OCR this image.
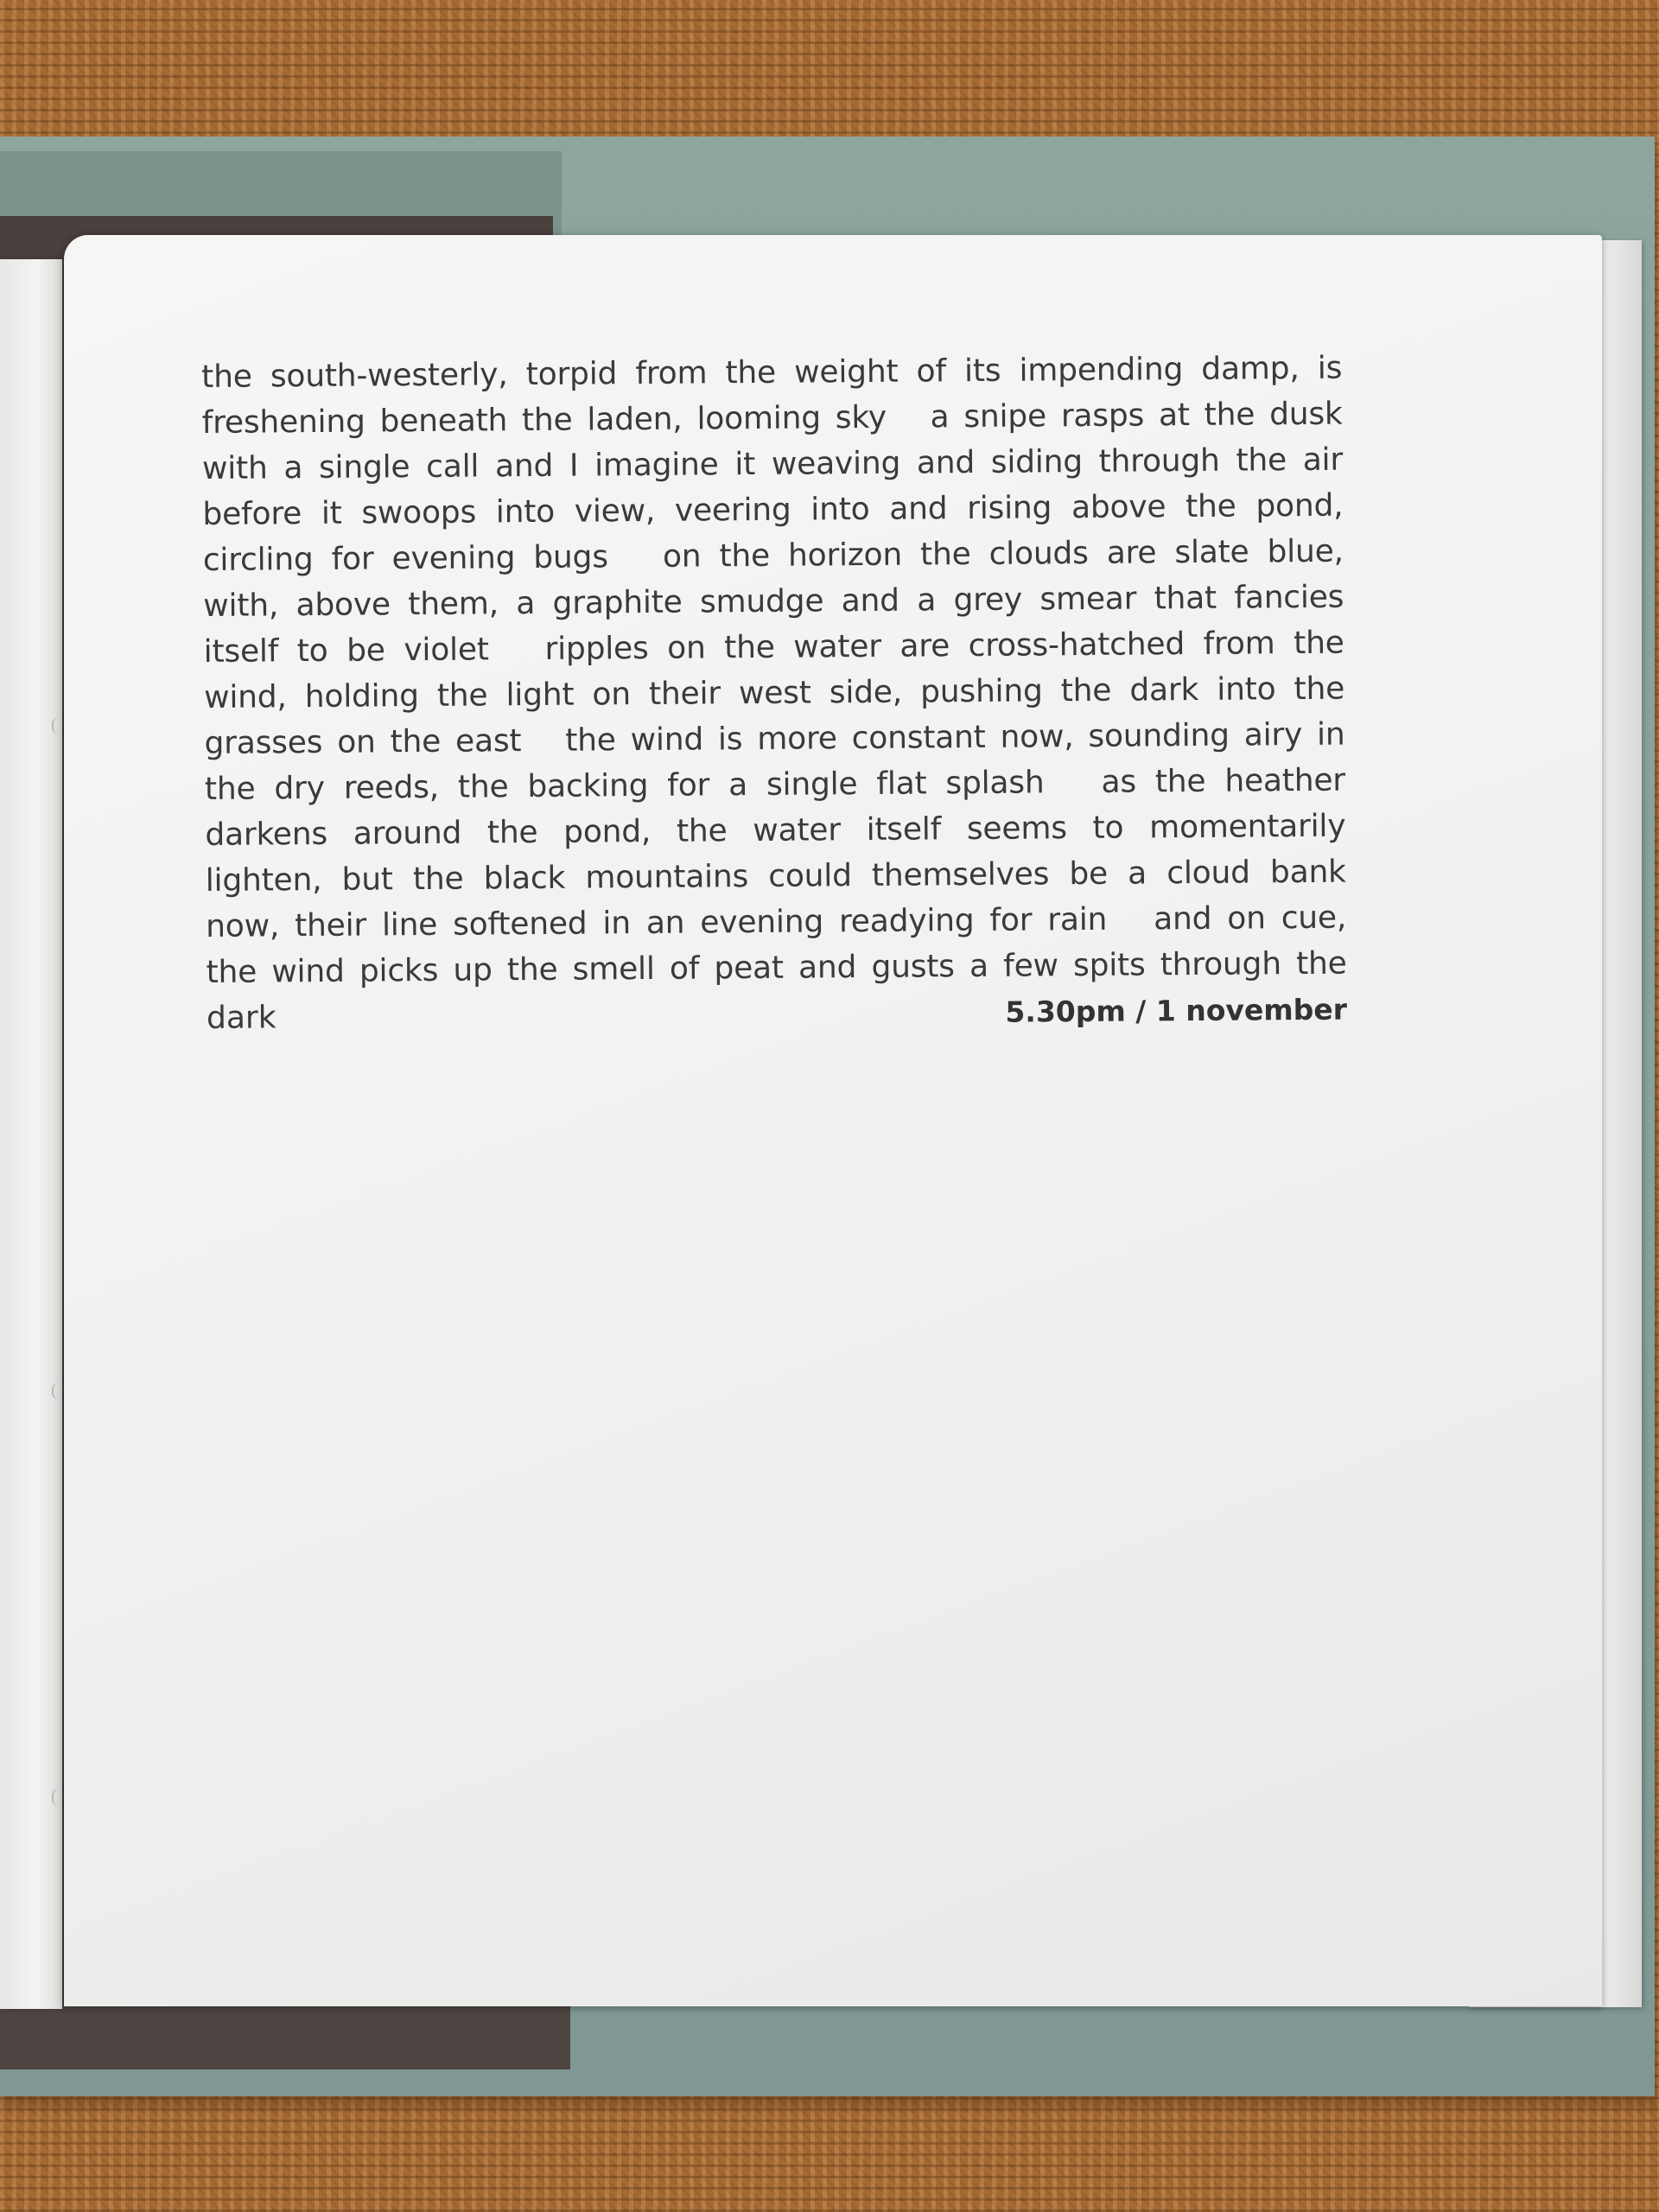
the south-westerly, torpid from the weight of its impending damp, is
freshening beneath the laden, looming sky   a snipe rasps at the dusk
with a single call and I imagine it weaving and siding through the air
before it swoops into view, veering into and rising above the pond,
circling for evening bugs   on the horizon the clouds are slate blue,
with, above them, a graphite smudge and a grey smear that fancies
itself to be violet   ripples on the water are cross-hatched from the
wind, holding the light on their west side, pushing the dark into the
grasses on the east   the wind is more constant now, sounding airy in
the dry reeds, the backing for a single flat splash   as the heather
darkens around the pond, the water itself seems to momentarily
lighten, but the black mountains could themselves be a cloud bank
now, their line softened in an evening readying for rain   and on cue,
the wind picks up the smell of peat and gusts a few spits through the
dark	5.30pm / 1 november
